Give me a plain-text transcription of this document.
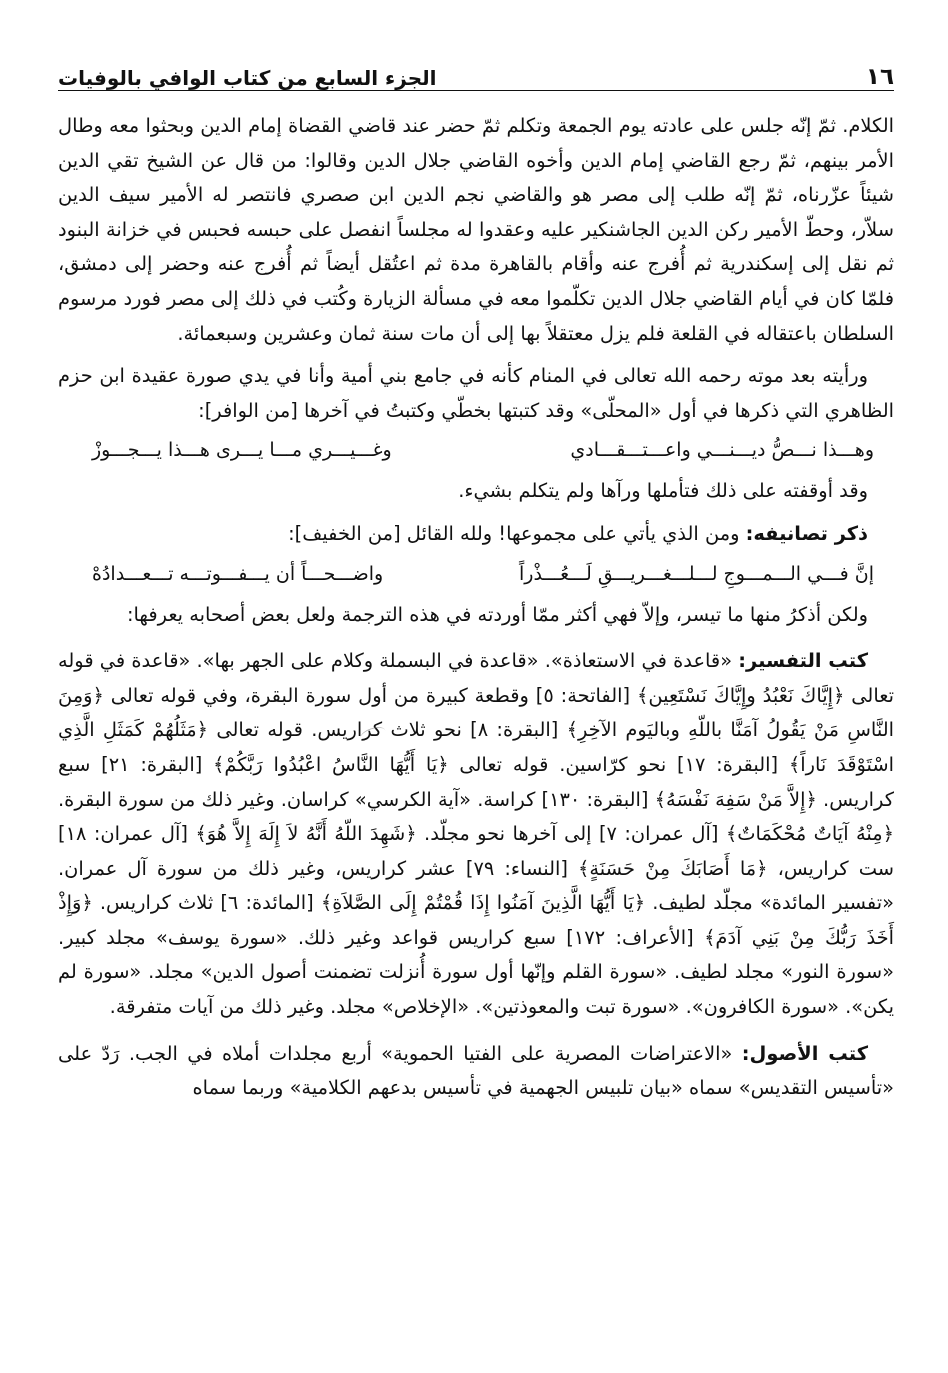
١٦
الجزء السابع من كتاب الوافي بالوفيات

الكلام. ثمّ إنّه جلس على عادته يوم الجمعة وتكلم ثمّ حضر عند قاضي القضاة إمام الدين وبحثوا معه وطال الأمر بينهم، ثمّ رجع القاضي إمام الدين وأخوه القاضي جلال الدين وقالوا: من قال عن الشيخ تقي الدين شيئاً عزّرناه، ثمّ إنّه طلب إلى مصر هو والقاضي نجم الدين ابن صصري فانتصر له الأمير سيف الدين سلاّر، وحطّ الأمير ركن الدين الجاشنكير عليه وعقدوا له مجلساً انفصل على حبسه فحبس في خزانة البنود ثم نقل إلى إسكندرية ثم أُفرج عنه وأقام بالقاهرة مدة ثم اعتُقل أيضاً ثم أُفرج عنه وحضر إلى دمشق، فلمّا كان في أيام القاضي جلال الدين تكلّموا معه في مسألة الزيارة وكُتب في ذلك إلى مصر فورد مرسوم السلطان باعتقاله في القلعة فلم يزل معتقلاً بها إلى أن مات سنة ثمان وعشرين وسبعمائة.

ورأيته بعد موته رحمه الله تعالى في المنام كأنه في جامع بني أمية وأنا في يدي صورة عقيدة ابن حزم الظاهري التي ذكرها في أول «المحلّى» وقد كتبتها بخطّي وكتبتُ في آخرها [من الوافر]:

وهـــذا نـــصُّ ديـــنـــي واعـــتـــقـــادي
وغـــيـــري مـــا يـــرى هـــذا يـــجـــوزْ

وقد أوقفته على ذلك فتأملها ورآها ولم يتكلم بشيء.

ذكر تصانيفه: ومن الذي يأتي على مجموعها! ولله القائل [من الخفيف]:

إنَّ فـــي الـــمـــوجِ لـــلـــغـــريـــقِ لَـــعُـــذْراً
واضـــحـــاً أن يـــفـــوتـــه تـــعـــدادُهْ

ولكن أذكرُ منها ما تيسر، وإلاّ فهي أكثر ممّا أوردته في هذه الترجمة ولعل بعض أصحابه يعرفها:

كتب التفسير: «قاعدة في الاستعاذة». «قاعدة في البسملة وكلام على الجهر بها». «قاعدة في قوله تعالى ﴿إِيَّاكَ نَعْبُدُ وإِيَّاكَ نَسْتَعِين﴾ [الفاتحة: ٥] وقطعة كبيرة من أول سورة البقرة، وفي قوله تعالى ﴿وَمِنَ النَّاسِ مَنْ يَقُولُ آمَنَّا باللّهِ وباليَوم الآخِرِ﴾ [البقرة: ٨] نحو ثلاث كراريس. قوله تعالى ﴿مَثَلُهُمْ كَمَثَلِ الَّذِي اسْتَوْقَدَ نَاراً﴾ [البقرة: ١٧] نحو كرّاسين. قوله تعالى ﴿يَا أَيُّهَا النَّاسُ اعْبُدُوا رَبَّكُمْ﴾ [البقرة: ٢١] سبع كراريس. ﴿إِلاَّ مَنْ سَفِهَ نَفْسَهُ﴾ [البقرة: ١٣٠] كراسة. «آية الكرسي» كراسان. وغير ذلك من سورة البقرة. ﴿مِنْهُ آيَاتٌ مُحْكَمَاتٌ﴾ [آل عمران: ٧] إلى آخرها نحو مجلّد. ﴿شَهِدَ اللّهُ أَنَّهُ لاَ إِلَهَ إِلاَّ هُوَ﴾ [آل عمران: ١٨] ست كراريس، ﴿مَا أَصَابَكَ مِنْ حَسَنَةٍ﴾ [النساء: ٧٩] عشر كراريس، وغير ذلك من سورة آل عمران. «تفسير المائدة» مجلّد لطيف. ﴿يَا أَيُّهَا الَّذِينَ آمَنُوا إِذَا قُمْتُمْ إِلَى الصَّلاَةِ﴾ [المائدة: ٦] ثلاث كراريس. ﴿وَإِذْ أَخَذَ رَبُّكَ مِنْ بَنِي آدَمَ﴾ [الأعراف: ١٧٢] سبع كراريس قواعد وغير ذلك. «سورة يوسف» مجلد كبير. «سورة النور» مجلد لطيف. «سورة القلم وإنّها أول سورة أُنزلت تضمنت أصول الدين» مجلد. «سورة لم يكن». «سورة الكافرون». «سورة تبت والمعوذتين». «الإخلاص» مجلد. وغير ذلك من آيات متفرقة.

كتب الأصول: «الاعتراضات المصرية على الفتيا الحموية» أربع مجلدات أملاه في الجب. رَدّ على «تأسيس التقديس» سماه «بيان تلبيس الجهمية في تأسيس بدعهم الكلامية» وربما سماه
